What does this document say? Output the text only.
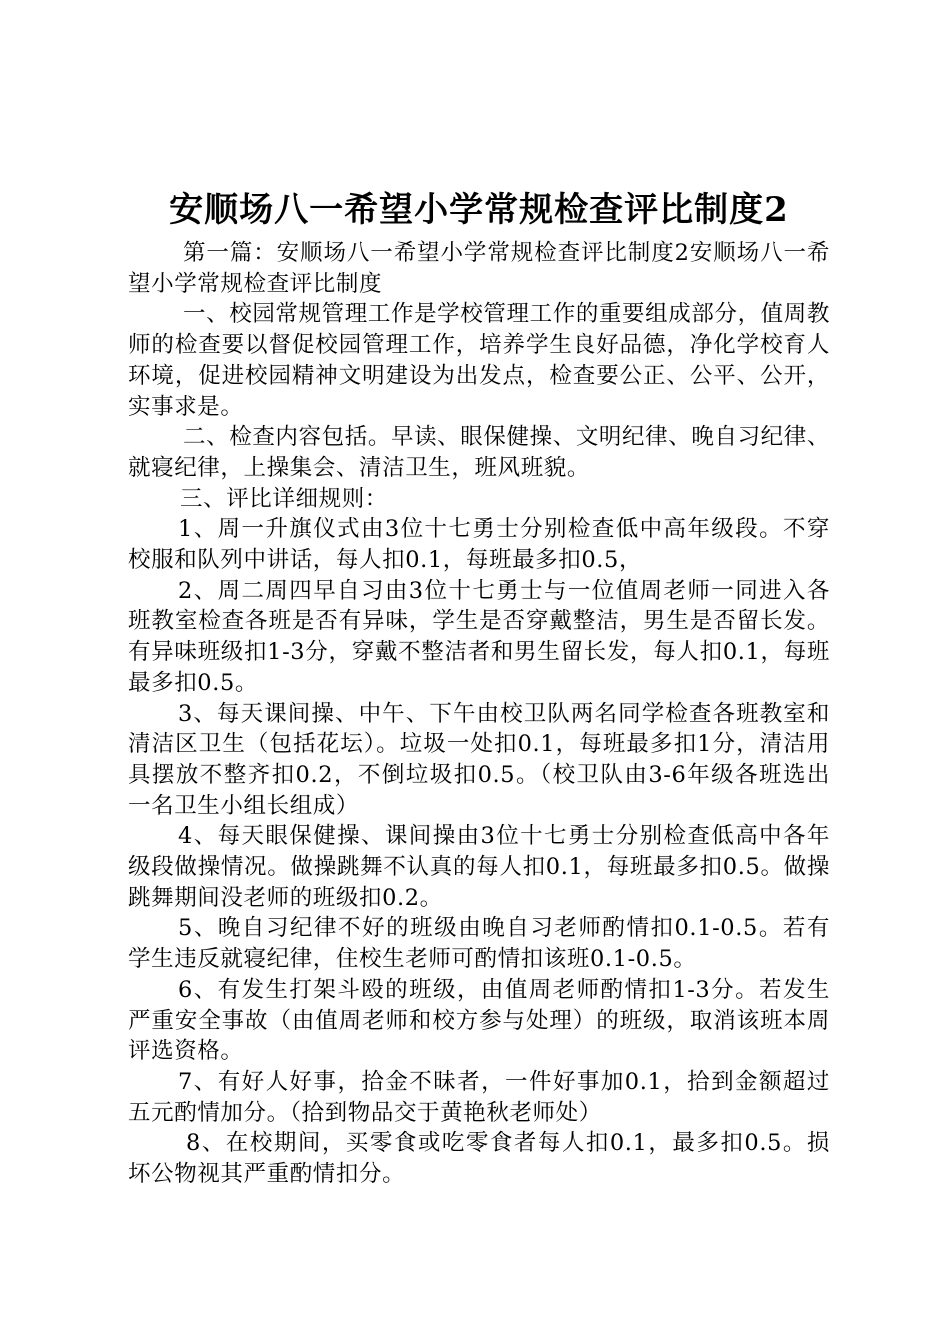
安顺场八一希望小学常规检查评比制度2

第一篇：安顺场八一希望小学常规检查评比制度2安顺场八一希望小学常规检查评比制度

一、校园常规管理工作是学校管理工作的重要组成部分，值周教师的检查要以督促校园管理工作，培养学生良好品德，净化学校育人环境，促进校园精神文明建设为出发点，检查要公正、公平、公开，实事求是。

二、检查内容包括。早读、眼保健操、文明纪律、晚自习纪律、就寝纪律，上操集会、清洁卫生，班风班貌。

三、评比详细规则：

1、周一升旗仪式由3位十七勇士分别检查低中高年级段。不穿校服和队列中讲话，每人扣0.1，每班最多扣0.5，

2、周二周四早自习由3位十七勇士与一位值周老师一同进入各班教室检查各班是否有异味，学生是否穿戴整洁，男生是否留长发。有异味班级扣1-3分，穿戴不整洁者和男生留长发，每人扣0.1，每班最多扣0.5。

3、每天课间操、中午、下午由校卫队两名同学检查各班教室和清洁区卫生（包括花坛）。垃圾一处扣0.1，每班最多扣1分，清洁用具摆放不整齐扣0.2，不倒垃圾扣0.5。（校卫队由3-6年级各班选出一名卫生小组长组成）

4、每天眼保健操、课间操由3位十七勇士分别检查低高中各年级段做操情况。做操跳舞不认真的每人扣0.1，每班最多扣0.5。做操跳舞期间没老师的班级扣0.2。

5、晚自习纪律不好的班级由晚自习老师酌情扣0.1-0.5。若有学生违反就寝纪律，住校生老师可酌情扣该班0.1-0.5。

6、有发生打架斗殴的班级，由值周老师酌情扣1-3分。若发生严重安全事故（由值周老师和校方参与处理）的班级，取消该班本周评选资格。

7、有好人好事，拾金不昧者，一件好事加0.1，拾到金额超过五元酌情加分。（拾到物品交于黄艳秋老师处）

8、在校期间，买零食或吃零食者每人扣0.1，最多扣0.5。损坏公物视其严重酌情扣分。
